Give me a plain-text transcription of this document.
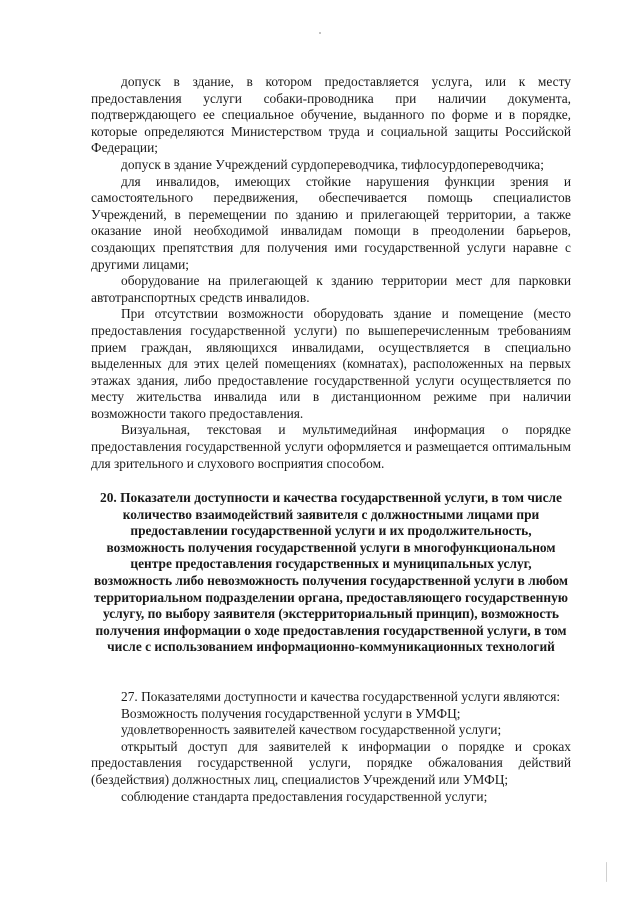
допуск в здание, в котором предоставляется услуга, или к месту предоставления услуги собаки-проводника при наличии документа, подтверждающего ее специальное обучение, выданного по форме и в порядке, которые определяются Министерством труда и социальной защиты Российской Федерации;

допуск в здание Учреждений сурдопереводчика, тифлосурдопереводчика;

для инвалидов, имеющих стойкие нарушения функции зрения и самостоятельного передвижения, обеспечивается помощь специалистов Учреждений, в перемещении по зданию и прилегающей территории, а также оказание иной необходимой инвалидам помощи в преодолении барьеров, создающих препятствия для получения ими государственной услуги наравне с другими лицами;

оборудование на прилегающей к зданию территории мест для парковки автотранспортных средств инвалидов.

При отсутствии возможности оборудовать здание и помещение (место предоставления государственной услуги) по вышеперечисленным требованиям прием граждан, являющихся инвалидами, осуществляется в специально выделенных для этих целей помещениях (комнатах), расположенных на первых этажах здания, либо предоставление государственной услуги осуществляется по месту жительства инвалида или в дистанционном режиме при наличии возможности такого предоставления.

Визуальная, текстовая и мультимедийная информация о порядке предоставления государственной услуги оформляется и размещается оптимальным для зрительного и слухового восприятия способом.

20. Показатели доступности и качества государственной услуги, в том числе количество взаимодействий заявителя с должностными лицами при предоставлении государственной услуги и их продолжительность, возможность получения государственной услуги в многофункциональном центре предоставления государственных и муниципальных услуг, возможность либо невозможность получения государственной услуги в любом территориальном подразделении органа, предоставляющего государственную услугу, по выбору заявителя (экстерриториальный принцип), возможность получения информации о ходе предоставления государственной услуги, в том числе с использованием информационно-коммуникационных технологий

27. Показателями доступности и качества государственной услуги являются:

Возможность получения государственной услуги в УМФЦ;

удовлетворенность заявителей качеством государственной услуги;

открытый доступ для заявителей к информации о порядке и сроках предоставления государственной услуги, порядке обжалования действий (бездействия) должностных лиц, специалистов Учреждений или УМФЦ;

соблюдение стандарта предоставления государственной услуги;
